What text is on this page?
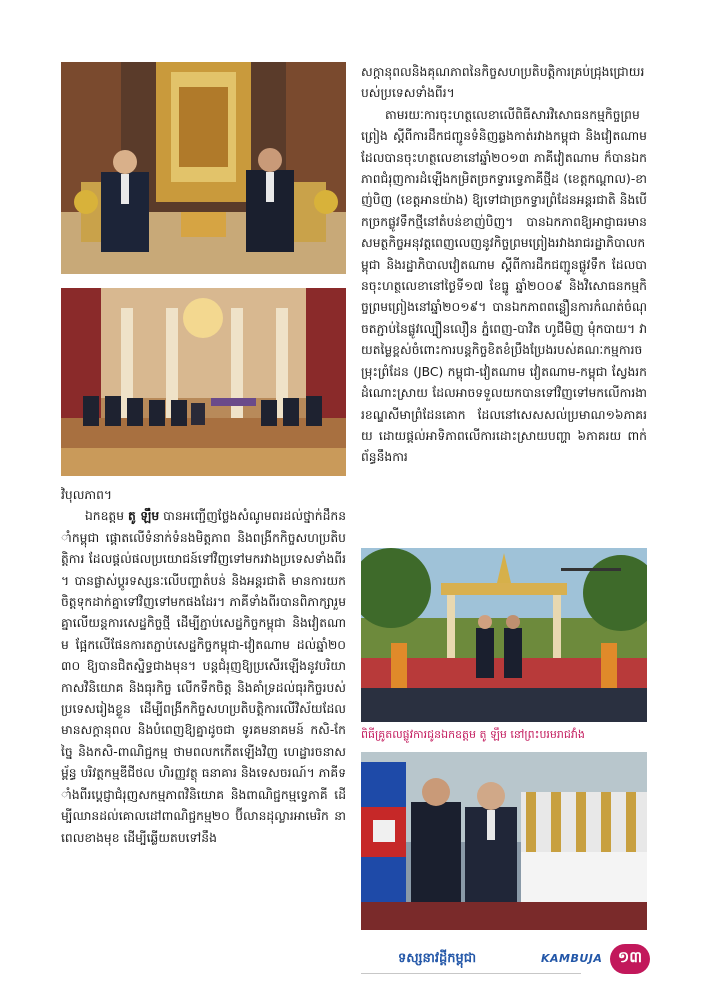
ពិធីគ្រូតលផ្លូវការជូនឯកឧត្ដម តូ ឡឹម នៅព្រះបរមរាជវាំង

វិបុលភាព។

ឯកឧត្ដម តូ ឡឹម បានអញ្ជើញថ្លែងសំណូមពរដល់ថ្នាក់ដឹកនាំកម្ពុជា ផ្ដោតលើទំនាក់ទំនងមិត្តភាព និងពង្រីកកិច្ចសហប្រតិបត្តិការ ដែលផ្តល់ផលប្រយោជន៍ទៅវិញទៅមករវាងប្រទេសទាំងពីរ។ បានផ្លាស់ប្តូរទស្សនៈលើបញ្ហាតំបន់ និងអន្តរជាតិ មានការយកចិត្តទុកដាក់គ្នាទៅវិញទៅមកផងដែរ។ ភាគីទាំងពីរបានពិភាក្សារួមគ្នាលើយន្តការសេដ្ឋកិច្ចថ្មី ដើម្បីភ្ជាប់សេដ្ឋកិច្ចកម្ពុជា និងវៀតណាម ផ្អែកលើផែនការតភ្ជាប់សេដ្ឋកិច្ចកម្ពុជា-វៀតណាម ដល់ឆ្នាំ២០៣០ ឱ្យបានជិតស្និទ្ធជាងមុន។ បន្តជំរុញឱ្យប្រសើរឡើងនូវបរិយាកាសវិនិយោគ និងធុរកិច្ច លើកទឹកចិត្ត និងគាំទ្រដល់ធុរកិច្ចរបស់ប្រទេសរៀងខ្លួន ដើម្បីពង្រីកកិច្ចសហប្រតិបត្តិការលើវិស័យដែលមានសក្ដានុពល និងបំពេញឱ្យគ្នាដូចជា ទូរគមនាគមន៍ កសិ-កែច្នៃ និងកសិ-ពាណិជ្ជកម្ម ថាមពលកកើតឡើងវិញ ហេដ្ឋារចនាសម្ព័ន្ធ បរិវត្តកម្មឌីជីថល ហិរញ្ញវត្ថុ ធនាគារ និងទេសចរណ៍។ ភាគីទាំងពីរប្តេជ្ញាជំរុញសកម្មភាពវិនិយោគ និងពាណិជ្ជកម្មទ្វេភាគី ដើម្បីឈានដល់គោលដៅពាណិជ្ជកម្ម២០ ប៊ីលានដុល្លារអាមេរិក នាពេលខាងមុខ ដើម្បីឆ្លើយតបទៅនឹង

សក្ដានុពលនិងគុណភាពនៃកិច្ចសហប្រតិបត្តិការគ្រប់ជ្រុងជ្រោយរបស់ប្រទេសទាំងពីរ។

តាមរយៈការចុះហត្ថលេខាលើពិធីសារវិសោធនកម្មកិច្ចព្រមព្រៀង ស្តីពីការដឹកជញ្ជូនទំនិញឆ្លងកាត់រវាងកម្ពុជា និងវៀតណាម ដែលបានចុះហត្ថលេខានៅឆ្នាំ២០១៣ ភាគីវៀតណាម ក៏បានឯកភាពជំរុញការដំឡើងកម្រិតច្រកទ្វារទ្វេភាគីថ្មីដ (ខេត្តកណ្ដាល)-ខាញ់បិញ (ខេត្តអានយ៉ាង) ឱ្យទៅជាច្រកទ្វារព្រំដែនអន្តរជាតិ និងបើកច្រកផ្លូវទឹកថ្មីនៅតំបន់ខាញ់បិញ។ បានឯកភាពឱ្យអាជ្ញាធរមានសមត្ថកិច្ចអនុវត្តពេញលេញនូវកិច្ចព្រមព្រៀងរវាងរាជរដ្ឋាភិបាលកម្ពុជា និងរដ្ឋាភិបាលវៀតណាម ស្ដីពីការដឹកជញ្ជូនផ្លូវទឹក ដែលបានចុះហត្ថលេខានៅថ្ងៃទី១៧ ខែធ្នូ ឆ្នាំ២០០៩ និងវិសោធនកម្មកិច្ចព្រមព្រៀងនៅឆ្នាំ២០១៩។ បានឯកភាពពន្លឿនការកំណត់ចំណុចតភ្ជាប់នៃផ្លូវល្បឿនលឿន ភ្នំពេញ-បាវិត ហូជីមិញ មុំកបាយ។ វាយតម្លៃខ្ពស់ចំពោះការបន្តកិច្ចខិតខំប្រឹងប្រែងរបស់គណៈកម្មការចម្រុះព្រំដែន (JBC) កម្ពុជា-វៀតណាម វៀតណាម-កម្ពុជា ស្វែងរកដំណោះស្រាយ ដែលអាចទទួលយកបានទៅវិញទៅមកលើការងារខណ្ឌសីមាព្រំដែនគោក ដែលនៅសេសសល់ប្រមាណ១៦ភាគរយ ដោយផ្ដល់អាទិភាពលើការដោះស្រាយបញ្ហា ៦ភាគរយ ពាក់ព័ន្ធនឹងការ

ទស្សនាវដ្ដីកម្ពុជា	KAMBUJA	១៣
